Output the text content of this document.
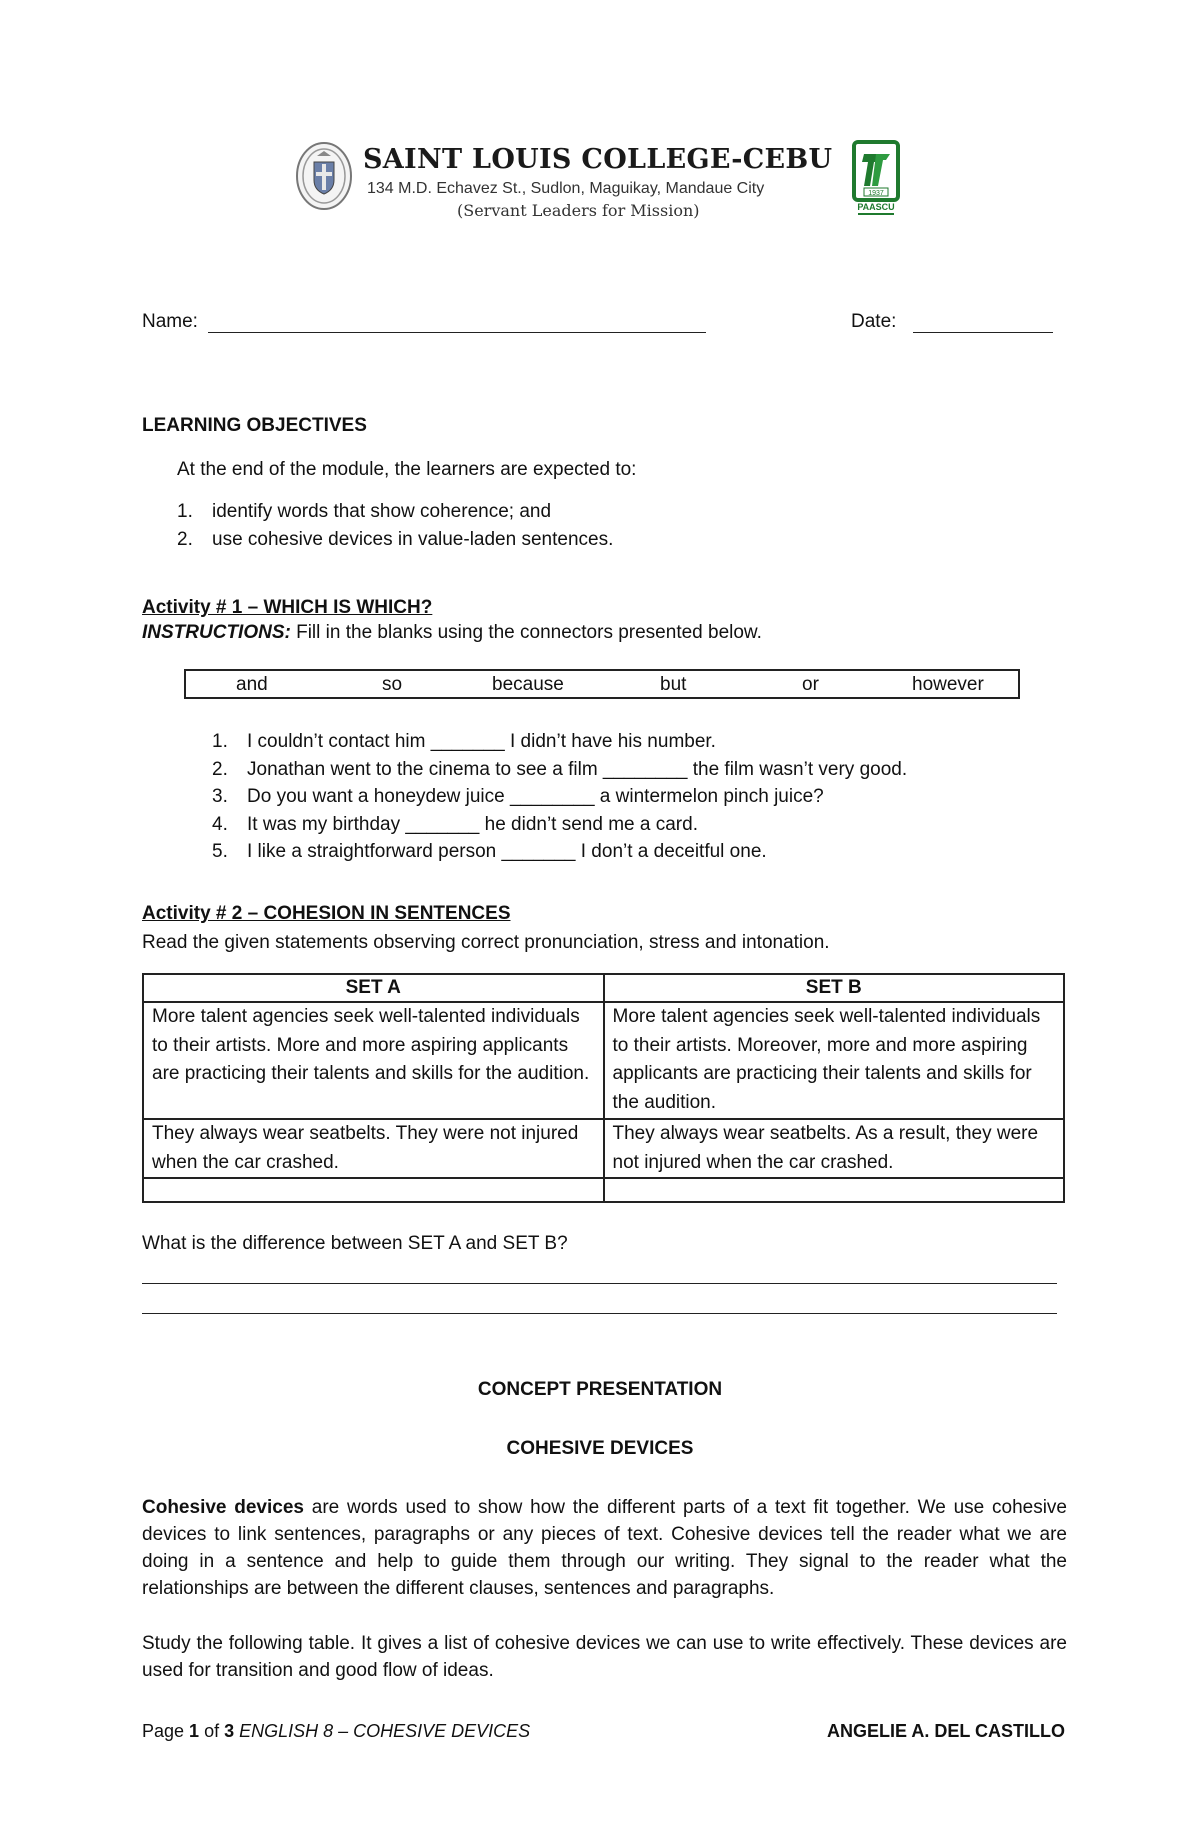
SAINT LOUIS COLLEGE-CEBU
134 M.D. Echavez St., Sudlon, Maguikay, Mandaue City
(Servant Leaders for Mission)
1937
PAASCU
Name:	Date:
LEARNING OBJECTIVES
At the end of the module, the learners are expected to:
1. identify words that show coherence; and
2. use cohesive devices in value-laden sentences.
Activity # 1 – WHICH IS WHICH?
INSTRUCTIONS: Fill in the blanks using the connectors presented below.
and	so	because	but	or	however
1. I couldn’t contact him _______ I didn’t have his number.
2. Jonathan went to the cinema to see a film ________ the film wasn’t very good.
3. Do you want a honeydew juice ________ a wintermelon pinch juice?
4. It was my birthday _______ he didn’t send me a card.
5. I like a straightforward person _______ I don’t a deceitful one.
Activity # 2 – COHESION IN SENTENCES
Read the given statements observing correct pronunciation, stress and intonation.
SET A	SET B
More talent agencies seek well-talented individuals to their artists. More and more aspiring applicants are practicing their talents and skills for the audition.	More talent agencies seek well-talented individuals to their artists. Moreover, more and more aspiring applicants are practicing their talents and skills for the audition.
They always wear seatbelts. They were not injured when the car crashed.	They always wear seatbelts. As a result, they were not injured when the car crashed.

What is the difference between SET A and SET B?
CONCEPT PRESENTATION
COHESIVE DEVICES
Cohesive devices are words used to show how the different parts of a text fit together. We use cohesive devices to link sentences, paragraphs or any pieces of text. Cohesive devices tell the reader what we are doing in a sentence and help to guide them through our writing. They signal to the reader what the relationships are between the different clauses, sentences and paragraphs.
Study the following table. It gives a list of cohesive devices we can use to write effectively. These devices are used for transition and good flow of ideas.
Page 1 of 3 ENGLISH 8 – COHESIVE DEVICES	ANGELIE A. DEL CASTILLO
